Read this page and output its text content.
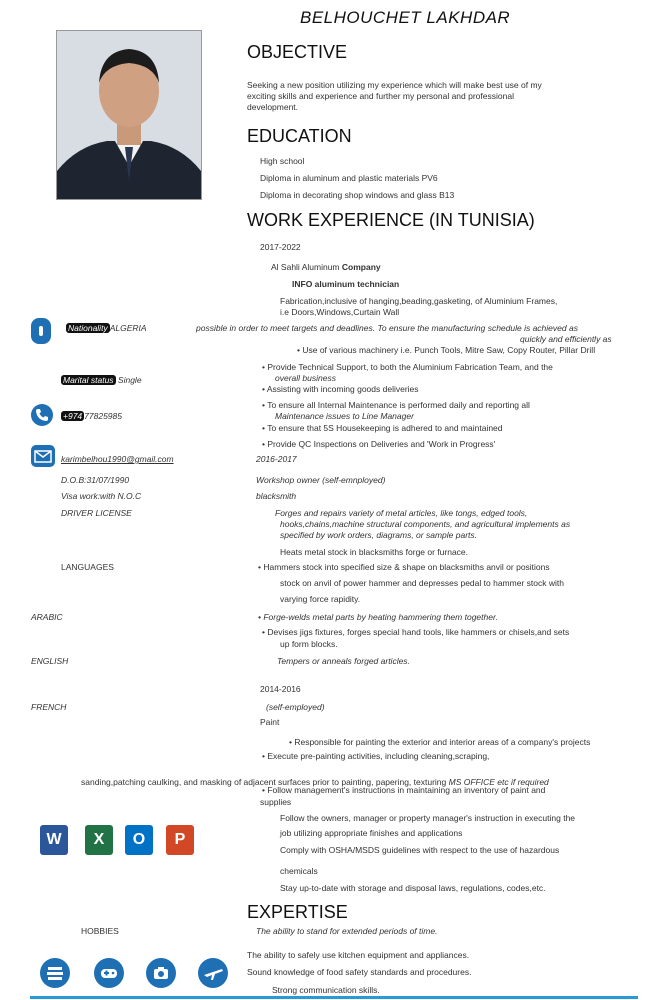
BELHOUCHET LAKHDAR
OBJECTIVE
Seeking a new position utilizing my experience which will make best use of my
exciting skills and experience and further my personal and professional
development.
EDUCATION
High school
Diploma in aluminum and plastic materials PV6
Diploma in decorating shop windows and glass B13
WORK EXPERIENCE (IN TUNISIA)
2017-2022
Al Sahli Aluminum Company
INFO aluminum technician
Fabrication,inclusive of hanging,beading,gasketing, of Aluminium Frames,
i.e Doors,Windows,Curtain Wall
Nationality ALGERIA	possible in order to meet targets and deadlines. To ensure the manufacturing schedule is achieved as
quickly and efficiently as
• Use of various machinery i.e. Punch Tools, Mitre Saw, Copy Router, Pillar Drill
• Provide Technical Support, to both the Aluminium Fabrication Team, and the
overall business
Marital status Single
• Assisting with incoming goods deliveries
• To ensure all Internal Maintenance is performed daily and reporting all
Maintenance issues to Line Manager
+974 77825985
• To ensure that 5S Housekeeping is adhered to and maintained
• Provide QC Inspections on Deliveries and 'Work in Progress'
karimbelhou1990@gmail.com	2016-2017
D.O.B:31/07/1990	Workshop owner (self-emnployed)
Visa work:with N.O.C	blacksmith
DRIVER LICENSE	Forges and repairs variety of metal articles, like tongs, edged tools,
hooks,chains,machine structural components, and agricultural implements as
specified by work orders, diagrams, or sample parts.
Heats metal stock in blacksmiths forge or furnace.
LANGUAGES	• Hammers stock into specified size & shape on blacksmiths anvil or positions
stock on anvil of power hammer and depresses pedal to hammer stock with
varying force rapidity.
ARABIC	• Forge-welds metal parts by heating hammering them together.
• Devises jigs fixtures, forges special hand tools, like hammers or chisels,and sets
up form blocks.
ENGLISH	Tempers or anneals forged articles.
2014-2016
FRENCH	(self-employed)
Paint
• Responsible for painting the exterior and interior areas of a company's projects
• Execute pre-painting activities, including cleaning,scraping,
sanding,patching caulking, and masking of adjacent surfaces prior to painting, papering, texturing MS OFFICE etc if required
• Follow management's instructions in maintaining an inventory of paint and
supplies
Follow the owners, manager or property manager's instruction in executing the
job utilizing appropriate finishes and applications
Comply with OSHA/MSDS guidelines with respect to the use of hazardous
chemicals
Stay up-to-date with storage and disposal laws, regulations, codes,etc.
W	X	O	P
EXPERTISE
HOBBIES	The ability to stand for extended periods of time.
The ability to safely use kitchen equipment and appliances.
Sound knowledge of food safety standards and procedures.
Strong communication skills.
